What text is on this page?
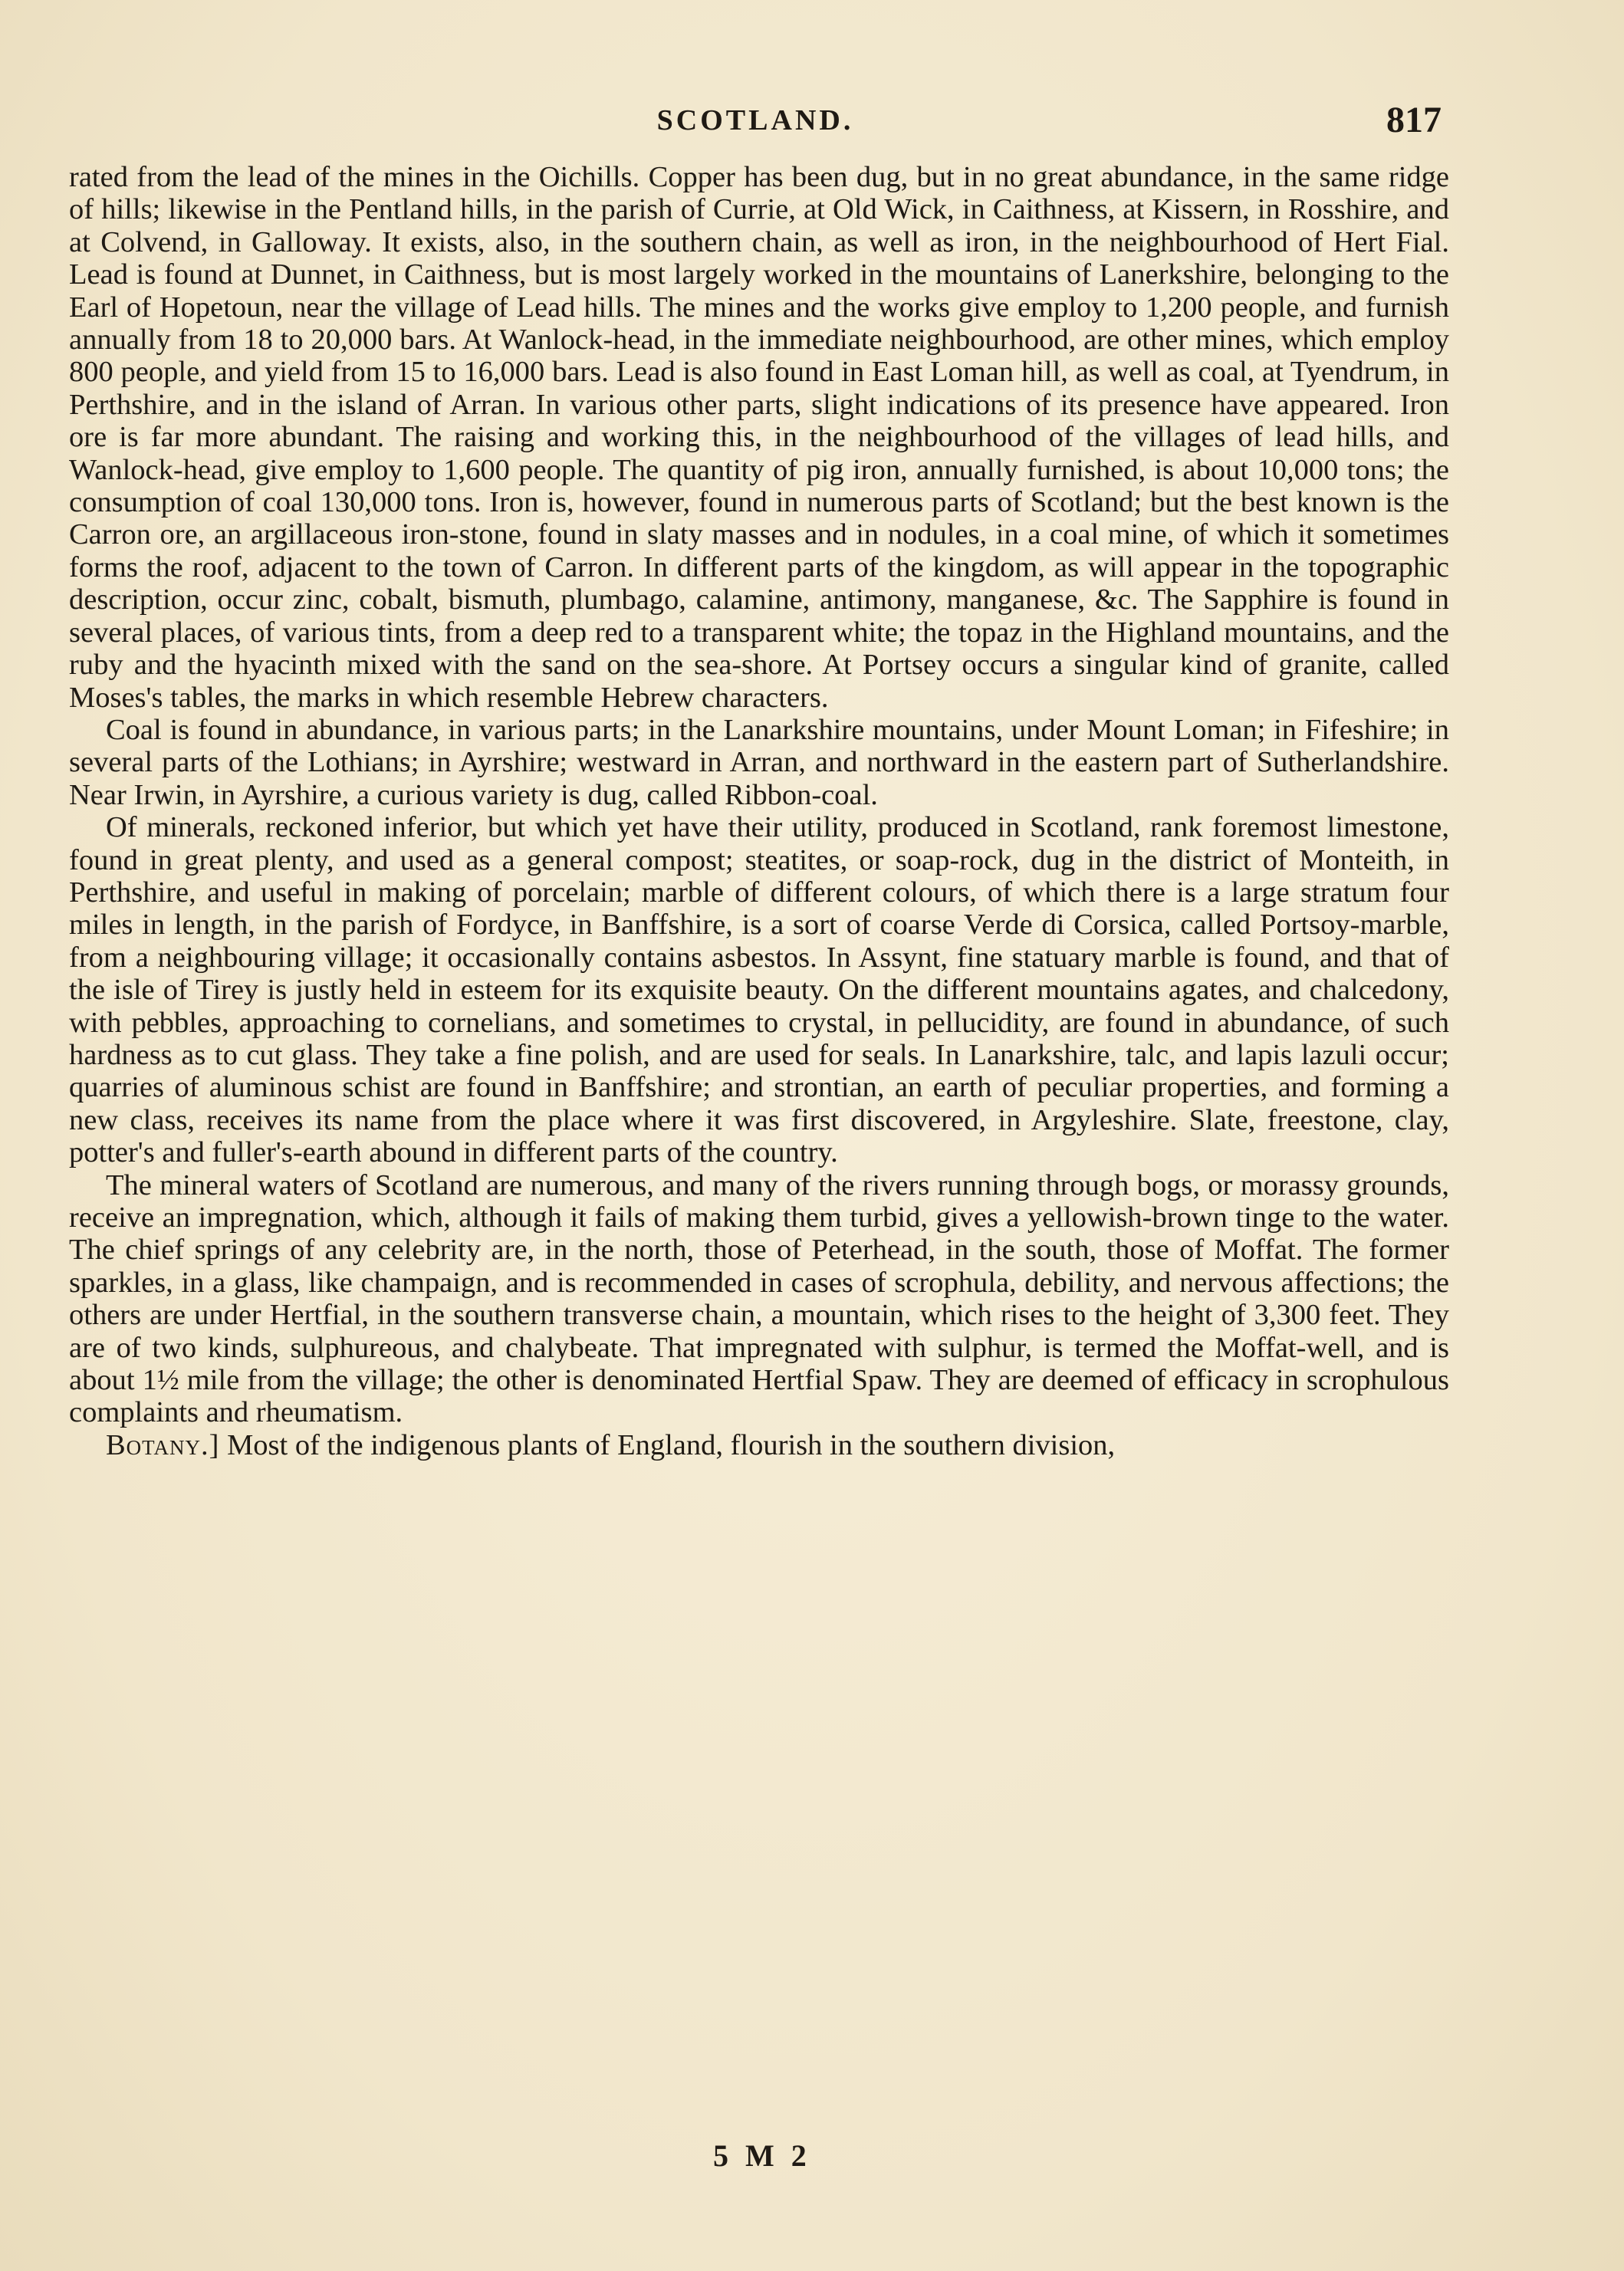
SCOTLAND.	817

rated from the lead of the mines in the Oichills. Copper has been dug, but in no great abundance, in the same ridge of hills; likewise in the Pentland hills, in the parish of Currie, at Old Wick, in Caithness, at Kissern, in Rosshire, and at Colvend, in Galloway. It exists, also, in the southern chain, as well as iron, in the neighbourhood of Hert Fial. Lead is found at Dunnet, in Caithness, but is most largely worked in the mountains of Lanerkshire, belonging to the Earl of Hopetoun, near the village of Lead hills. The mines and the works give employ to 1,200 people, and furnish annually from 18 to 20,000 bars. At Wanlock-head, in the immediate neighbourhood, are other mines, which employ 800 people, and yield from 15 to 16,000 bars. Lead is also found in East Loman hill, as well as coal, at Tyendrum, in Perthshire, and in the island of Arran. In various other parts, slight indications of its presence have appeared. Iron ore is far more abundant. The raising and working this, in the neighbourhood of the villages of lead hills, and Wanlock-head, give employ to 1,600 people. The quantity of pig iron, annually furnished, is about 10,000 tons; the consumption of coal 130,000 tons. Iron is, however, found in numerous parts of Scotland; but the best known is the Carron ore, an argillaceous iron-stone, found in slaty masses and in nodules, in a coal mine, of which it sometimes forms the roof, adjacent to the town of Carron. In different parts of the kingdom, as will appear in the topographic description, occur zinc, cobalt, bismuth, plumbago, calamine, antimony, manganese, &c. The Sapphire is found in several places, of various tints, from a deep red to a transparent white; the topaz in the Highland mountains, and the ruby and the hyacinth mixed with the sand on the sea-shore. At Portsey occurs a singular kind of granite, called Moses's tables, the marks in which resemble Hebrew characters.

Coal is found in abundance, in various parts; in the Lanarkshire mountains, under Mount Loman; in Fifeshire; in several parts of the Lothians; in Ayrshire; westward in Arran, and northward in the eastern part of Sutherlandshire. Near Irwin, in Ayrshire, a curious variety is dug, called Ribbon-coal.

Of minerals, reckoned inferior, but which yet have their utility, produced in Scotland, rank foremost limestone, found in great plenty, and used as a general compost; steatites, or soap-rock, dug in the district of Monteith, in Perthshire, and useful in making of porcelain; marble of different colours, of which there is a large stratum four miles in length, in the parish of Fordyce, in Banffshire, is a sort of coarse Verde di Corsica, called Portsoy-marble, from a neighbouring village; it occasionally contains asbestos. In Assynt, fine statuary marble is found, and that of the isle of Tirey is justly held in esteem for its exquisite beauty. On the different mountains agates, and chalcedony, with pebbles, approaching to cornelians, and sometimes to crystal, in pellucidity, are found in abundance, of such hardness as to cut glass. They take a fine polish, and are used for seals. In Lanarkshire, talc, and lapis lazuli occur; quarries of aluminous schist are found in Banffshire; and strontian, an earth of peculiar properties, and forming a new class, receives its name from the place where it was first discovered, in Argyleshire. Slate, freestone, clay, potter's and fuller's-earth abound in different parts of the country.

The mineral waters of Scotland are numerous, and many of the rivers running through bogs, or morassy grounds, receive an impregnation, which, although it fails of making them turbid, gives a yellowish-brown tinge to the water. The chief springs of any celebrity are, in the north, those of Peterhead, in the south, those of Moffat. The former sparkles, in a glass, like champaign, and is recommended in cases of scrophula, debility, and nervous affections; the others are under Hertfial, in the southern transverse chain, a mountain, which rises to the height of 3,300 feet. They are of two kinds, sulphureous, and chalybeate. That impregnated with sulphur, is termed the Moffat-well, and is about 1½ mile from the village; the other is denominated Hertfial Spaw. They are deemed of efficacy in scrophulous complaints and rheumatism.

Botany.] Most of the indigenous plants of England, flourish in the southern division,

5 M 2
